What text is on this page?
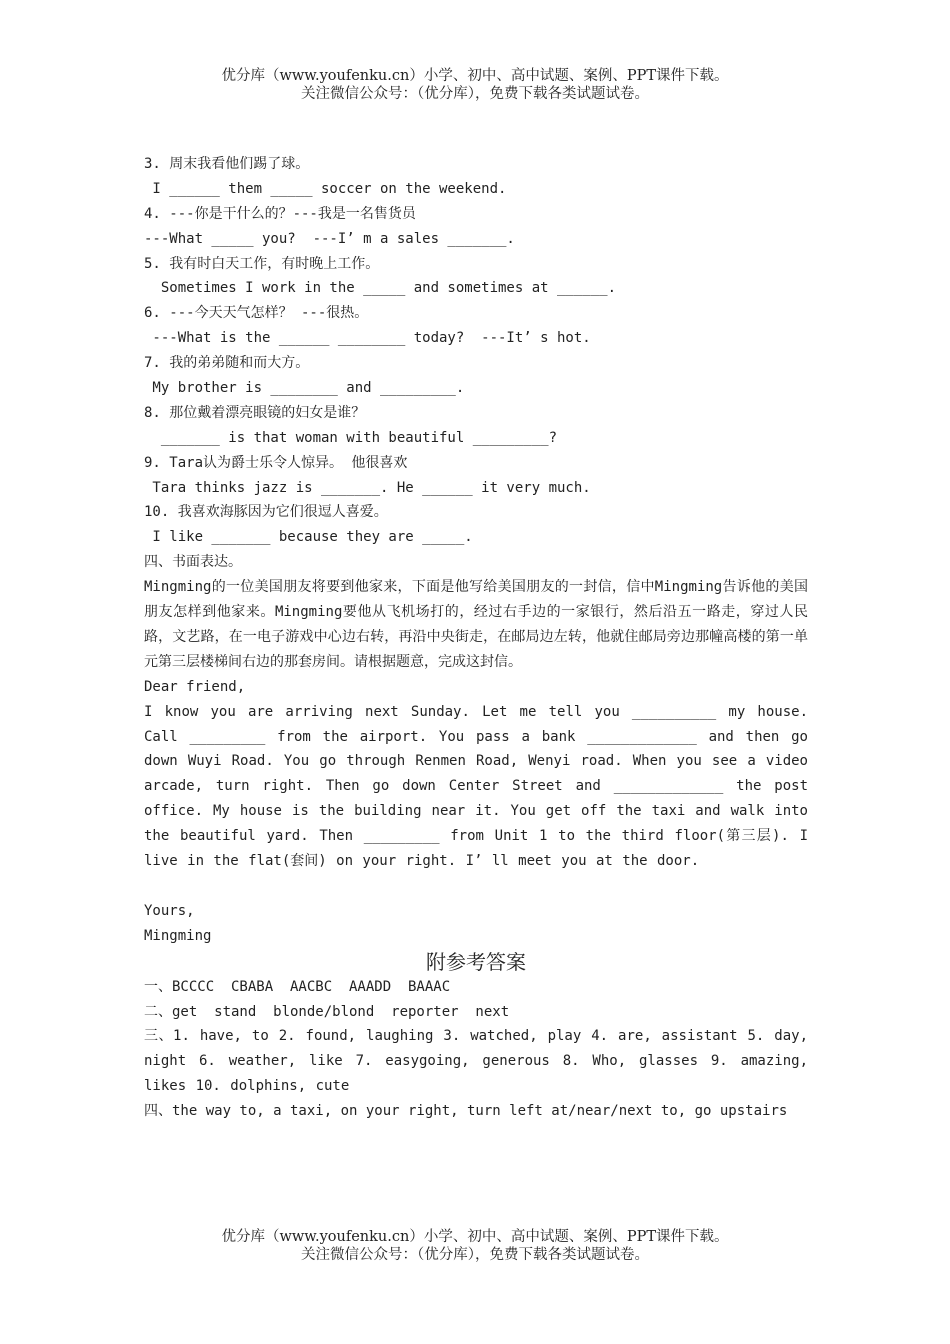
优分库（www.youfenku.cn）小学、初中、高中试题、案例、PPT课件下载。
关注微信公众号：（优分库），免费下载各类试题试卷。
3. 周末我看他们踢了球。
I ______ them _____ soccer on the weekend.
4. ---你是干什么的？---我是一名售货员
---What _____ you?  ---I’ m a sales _______.
5. 我有时白天工作，有时晚上工作。
Sometimes I work in the _____ and sometimes at ______.
6. ---今天天气怎样？ ---很热。
---What is the ______ ________ today?  ---It’ s hot.
7. 我的弟弟随和而大方。
My brother is ________ and _________.
8. 那位戴着漂亮眼镜的妇女是谁？
_______ is that woman with beautiful _________?
9. Tara认为爵士乐令人惊异。 他很喜欢
Tara thinks jazz is _______. He ______ it very much.
10. 我喜欢海豚因为它们很逗人喜爱。
I like _______ because they are _____.
四、书面表达。
Mingming的一位美国朋友将要到他家来，下面是他写给美国朋友的一封信，信中Mingming告诉他的美国朋友怎样到他家来。Mingming要他从飞机场打的，经过右手边的一家银行，然后沿五一路走，穿过人民路，文艺路，在一电子游戏中心边右转，再沿中央街走，在邮局边左转，他就住邮局旁边那幢高楼的第一单元第三层楼梯间右边的那套房间。请根据题意，完成这封信。
Dear friend,
I know you are arriving next Sunday. Let me tell you __________ my house. Call _________ from the airport. You pass a bank _____________ and then go down Wuyi Road. You go through Renmen Road, Wenyi road. When you see a video arcade, turn right. Then go down Center Street and _____________ the post office. My house is the building near it. You get off the taxi and walk into the beautiful yard. Then _________ from Unit 1 to the third floor(第三层). I live in the flat(套间) on your right. I’ ll meet you at the door.
Yours,
Mingming
附参考答案
一、BCCCC  CBABA  AACBC  AAADD  BAAAC
二、get  stand  blonde/blond  reporter  next
三、1. have, to 2. found, laughing 3. watched, play 4. are, assistant 5. day, night 6. weather, like 7. easygoing, generous 8. Who, glasses 9. amazing, likes 10. dolphins, cute
四、the way to, a taxi, on your right, turn left at/near/next to, go upstairs
优分库（www.youfenku.cn）小学、初中、高中试题、案例、PPT课件下载。
关注微信公众号：（优分库），免费下载各类试题试卷。
